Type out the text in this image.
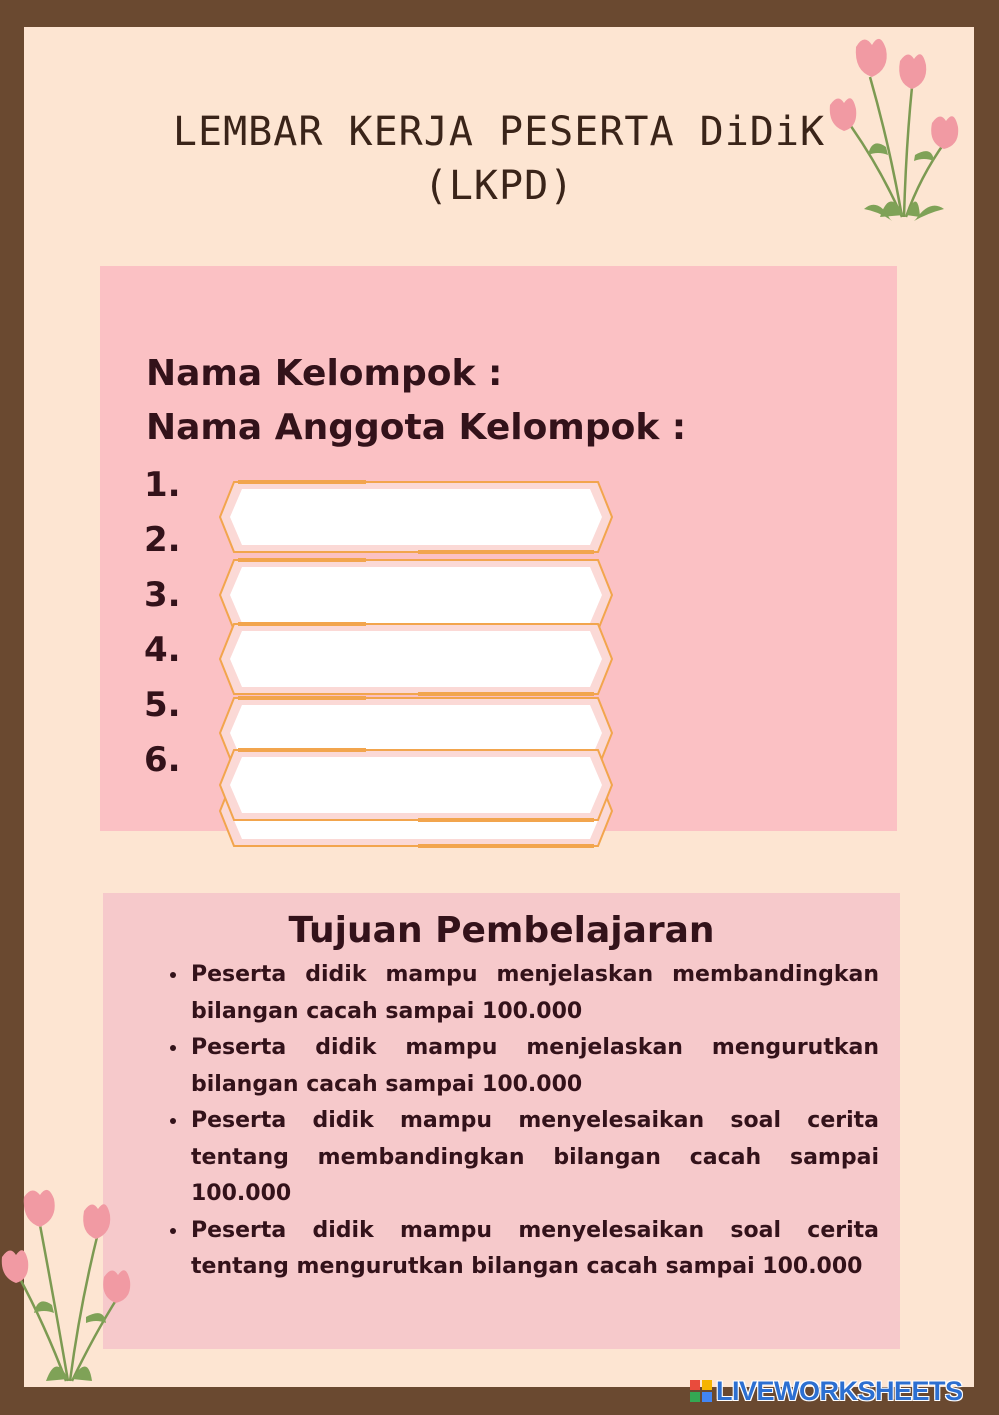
LEMBAR KERJA PESERTA DiDiK
(LKPD)
Nama Kelompok :
Nama Anggota Kelompok :
1.
2.
3.
4.
5.
6.
Tujuan Pembelajaran
• Peserta didik mampu menjelaskan membandingkan bilangan cacah sampai 100.000
• Peserta didik mampu menjelaskan mengurutkan bilangan cacah sampai 100.000
• Peserta didik mampu menyelesaikan soal cerita tentang membandingkan bilangan cacah sampai 100.000
• Peserta didik mampu menyelesaikan soal cerita tentang mengurutkan bilangan cacah sampai 100.000
LIVEWORKSHEETS
